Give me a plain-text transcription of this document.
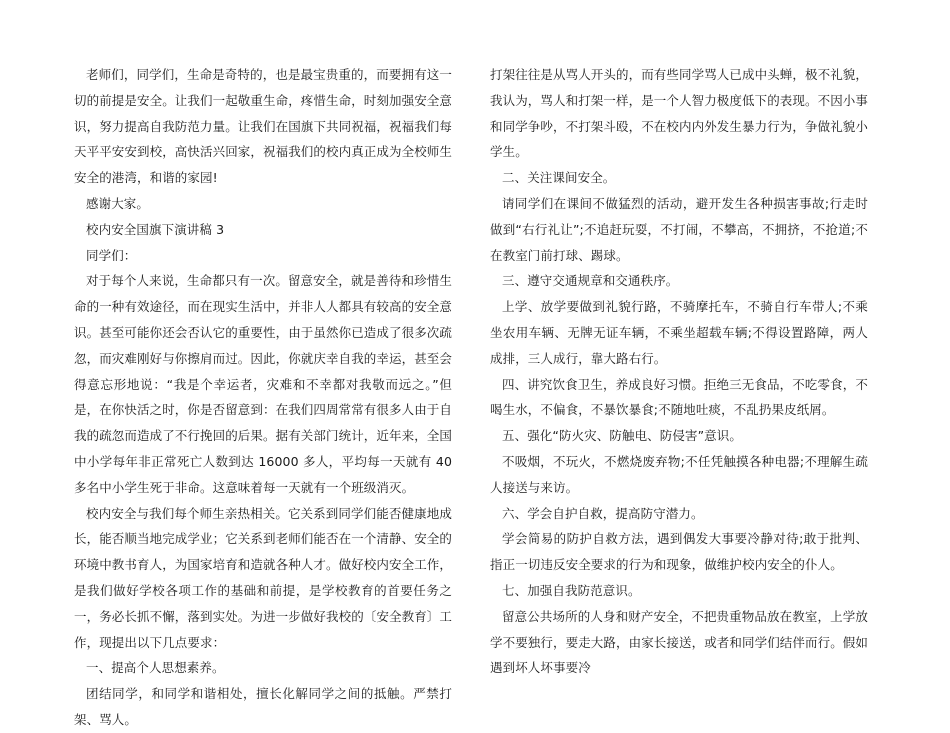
老师们，同学们，生命是奇特的，也是最宝贵重的，而要拥有这一切的前提是安全。让我们一起敬重生命，疼惜生命，时刻加强安全意识，努力提高自我防范力量。让我们在国旗下共同祝福，祝福我们每天平平安安到校，高快活兴回家，祝福我们的校内真正成为全校师生安全的港湾，和谐的家园!

感谢大家。

校内安全国旗下演讲稿 3

同学们：

对于每个人来说，生命都只有一次。留意安全，就是善待和珍惜生命的一种有效途径，而在现实生活中，并非人人都具有较高的安全意识。甚至可能你还会否认它的重要性，由于虽然你已造成了很多次疏忽，而灾难刚好与你擦肩而过。因此，你就庆幸自我的幸运，甚至会得意忘形地说：“我是个幸运者，灾难和不幸都对我敬而远之。”但是，在你快活之时，你是否留意到：在我们四周常常有很多人由于自我的疏忽而造成了不行挽回的后果。据有关部门统计，近年来，全国中小学每年非正常死亡人数到达 16000 多人，平均每一天就有 40 多名中小学生死于非命。这意味着每一天就有一个班级消灭。

校内安全与我们每个师生亲热相关。它关系到同学们能否健康地成长，能否顺当地完成学业；它关系到老师们能否在一个清静、安全的环境中教书育人，为国家培育和造就各种人才。做好校内安全工作，是我们做好学校各项工作的基础和前提，是学校教育的首要任务之一，务必长抓不懈，落到实处。为进一步做好我校的〔安全教育〕工作，现提出以下几点要求：

一、提高个人思想素养。

团结同学，和同学和谐相处，擅长化解同学之间的抵触。严禁打架、骂人。

打架往往是从骂人开头的，而有些同学骂人已成中头蝉，极不礼貌，我认为，骂人和打架一样，是一个人智力极度低下的表现。不因小事和同学争吵，不打架斗殴，不在校内内外发生暴力行为，争做礼貌小学生。

二、关注课间安全。

请同学们在课间不做猛烈的活动，避开发生各种损害事故;行走时做到“右行礼让”;不追赶玩耍，不打闹，不攀高，不拥挤，不抢道;不在教室门前打球、踢球。

三、遵守交通规章和交通秩序。

上学、放学要做到礼貌行路，不骑摩托车，不骑自行车带人;不乘坐农用车辆、无牌无证车辆，不乘坐超载车辆;不得设置路障，两人成排，三人成行，靠大路右行。

四、讲究饮食卫生，养成良好习惯。拒绝三无食品，不吃零食，不喝生水，不偏食，不暴饮暴食;不随地吐痰，不乱扔果皮纸屑。

五、强化“防火灾、防触电、防侵害”意识。

不吸烟，不玩火，不燃烧废弃物;不任凭触摸各种电器;不理解生疏人接送与来访。

六、学会自护自救，提高防守潜力。

学会简易的防护自救方法，遇到偶发大事要冷静对待;敢于批判、指正一切违反安全要求的行为和现象，做维护校内安全的仆人。

七、加强自我防范意识。

留意公共场所的人身和财产安全，不把贵重物品放在教室，上学放学不要独行，要走大路，由家长接送，或者和同学们结伴而行。假如遇到坏人坏事要冷
